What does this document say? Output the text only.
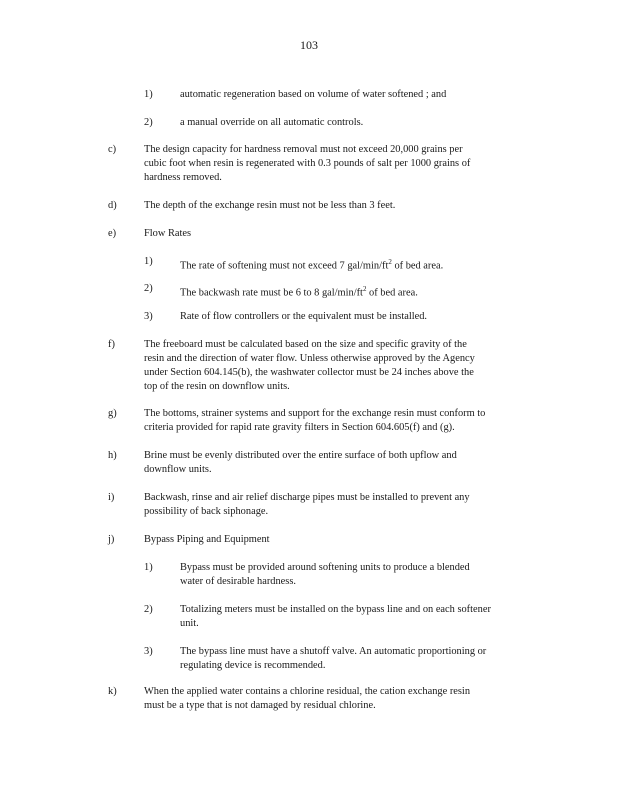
103
1)	automatic regeneration based on volume of water softened ; and
2)	a manual override on all automatic controls.
c)	The design capacity for hardness removal must not exceed 20,000 grains per
cubic foot when resin is regenerated with 0.3 pounds of salt per 1000 grains of
hardness removed.
d)	The depth of the exchange resin must not be less than 3 feet.
e)	Flow Rates
1)	The rate of softening must not exceed 7 gal/$\min/ft^2$ of bed area.
2)	The backwash rate must be 6 to 8 gal/$\min/ft^2$ of bed area.
3)	Rate of flow controllers or the equivalent must be installed.
f)	The freeboard must be calculated based on the size and specific gravity of the
resin and the direction of water flow. Unless otherwise approved by the Agency
under Section 604.145(b), the washwater collector must be 24 inches above the
top of the resin on downflow units.
g)	The bottoms, strainer systems and support for the exchange resin must conform to
criteria provided for rapid rate gravity filters in Section 604.605(f) and (g).
h)	Brine must be evenly distributed over the entire surface of both upflow and
downflow units.
i)	Backwash, rinse and air relief discharge pipes must be installed to prevent any
possibility of back siphonage.
j)	Bypass Piping and Equipment
1)	Bypass must be provided around softening units to produce a blended
water of desirable hardness.
2)	Totalizing meters must be installed on the bypass line and on each softener
unit.
3)	The bypass line must have a shutoff valve. An automatic proportioning or
regulating device is recommended.
k)	When the applied water contains a chlorine residual, the cation exchange resin
must be a type that is not damaged by residual chlorine.
